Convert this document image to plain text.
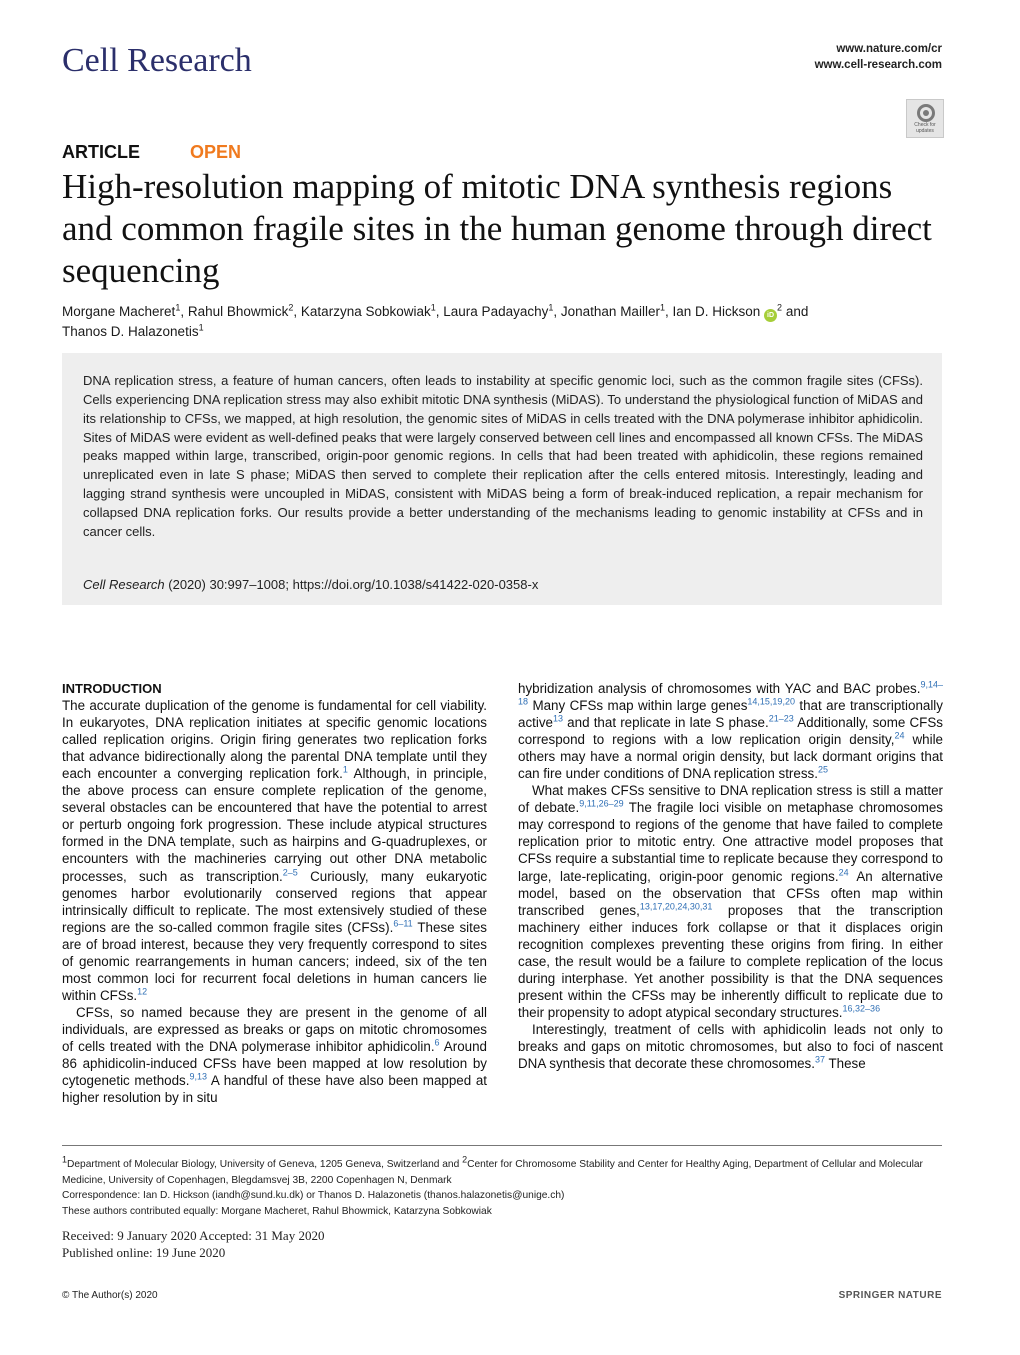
Cell Research	www.nature.com/cr
www.cell-research.com
Check for updates
ARTICLE	OPEN
High-resolution mapping of mitotic DNA synthesis regions and common fragile sites in the human genome through direct sequencing
Morgane Macheret$^1$, Rahul Bhowmick$^2$, Katarzyna Sobkowiak$^1$, Laura Padayachy$^1$, Jonathan Mailler$^1$, Ian D. Hickson $iD^2$ and
Thanos D. Halazonetis$^1$
DNA replication stress, a feature of human cancers, often leads to instability at specific genomic loci, such as the common fragile sites (CFSs). Cells experiencing DNA replication stress may also exhibit mitotic DNA synthesis (MiDAS). To understand the physiological function of MiDAS and its relationship to CFSs, we mapped, at high resolution, the genomic sites of MiDAS in cells treated with the DNA polymerase inhibitor aphidicolin. Sites of MiDAS were evident as well-defined peaks that were largely conserved between cell lines and encompassed all known CFSs. The MiDAS peaks mapped within large, transcribed, origin-poor genomic regions. In cells that had been treated with aphidicolin, these regions remained unreplicated even in late S phase; MiDAS then served to complete their replication after the cells entered mitosis. Interestingly, leading and lagging strand synthesis were uncoupled in MiDAS, consistent with MiDAS being a form of break-induced replication, a repair mechanism for collapsed DNA replication forks. Our results provide a better understanding of the mechanisms leading to genomic instability at CFSs and in cancer cells.
Cell Research (2020) 30:997–1008; https://doi.org/10.1038/s41422-020-0358-x
INTRODUCTION

The accurate duplication of the genome is fundamental for cell viability. In eukaryotes, DNA replication initiates at specific genomic locations called replication origins. Origin firing generates two replication forks that advance bidirectionally along the parental DNA template until they each encounter a converging replication fork.$^1$ Although, in principle, the above process can ensure complete replication of the genome, several obstacles can be encountered that have the potential to arrest or perturb ongoing fork progression. These include atypical structures formed in the DNA template, such as hairpins and G-quadruplexes, or encounters with the machineries carrying out other DNA metabolic processes, such as transcription.$^{2-5}$ Curiously, many eukaryotic genomes harbor evolutionarily conserved regions that appear intrinsically difficult to replicate. The most extensively studied of these regions are the so-called common fragile sites (CFSs).$^{6-11}$ These sites are of broad interest, because they very frequently correspond to sites of genomic rearrangements in human cancers; indeed, six of the ten most common loci for recurrent focal deletions in human cancers lie within CFSs.$^{12}$

CFSs, so named because they are present in the genome of all individuals, are expressed as breaks or gaps on mitotic chromosomes of cells treated with the DNA polymerase inhibitor aphidicolin.$^6$ Around 86 aphidicolin-induced CFSs have been mapped at low resolution by cytogenetic methods.$^{9,13}$ A handful of these have also been mapped at higher resolution by in situ

hybridization analysis of chromosomes with YAC and BAC probes.$^{9,14-18}$ Many CFSs map within large genes$^{14,15,19,20}$ that are transcriptionally active$^{13}$ and that replicate in late S phase.$^{21-23}$ Additionally, some CFSs correspond to regions with a low replication origin density,$^{24}$ while others may have a normal origin density, but lack dormant origins that can fire under conditions of DNA replication stress.$^{25}$

What makes CFSs sensitive to DNA replication stress is still a matter of debate.$^{9,11,26-29}$ The fragile loci visible on metaphase chromosomes may correspond to regions of the genome that have failed to complete replication prior to mitotic entry. One attractive model proposes that CFSs require a substantial time to replicate because they correspond to large, late-replicating, origin-poor genomic regions.$^{24}$ An alternative model, based on the observation that CFSs often map within transcribed genes,$^{13,17,20,24,30,31}$ proposes that the transcription machinery either induces fork collapse or that it displaces origin recognition complexes preventing these origins from firing. In either case, the result would be a failure to complete replication of the locus during interphase. Yet another possibility is that the DNA sequences present within the CFSs may be inherently difficult to replicate due to their propensity to adopt atypical secondary structures.$^{16,32-36}$

Interestingly, treatment of cells with aphidicolin leads not only to breaks and gaps on mitotic chromosomes, but also to foci of nascent DNA synthesis that decorate these chromosomes.$^{37}$ These

$^1$Department of Molecular Biology, University of Geneva, 1205 Geneva, Switzerland and $^2$Center for Chromosome Stability and Center for Healthy Aging, Department of Cellular and Molecular Medicine, University of Copenhagen, Blegdamsvej 3B, 2200 Copenhagen N, Denmark
Correspondence: Ian D. Hickson (iandh@sund.ku.dk) or Thanos D. Halazonetis (thanos.halazonetis@unige.ch)
These authors contributed equally: Morgane Macheret, Rahul Bhowmick, Katarzyna Sobkowiak
Received: 9 January 2020 Accepted: 31 May 2020
Published online: 19 June 2020
© The Author(s) 2020	SPRINGER NATURE
